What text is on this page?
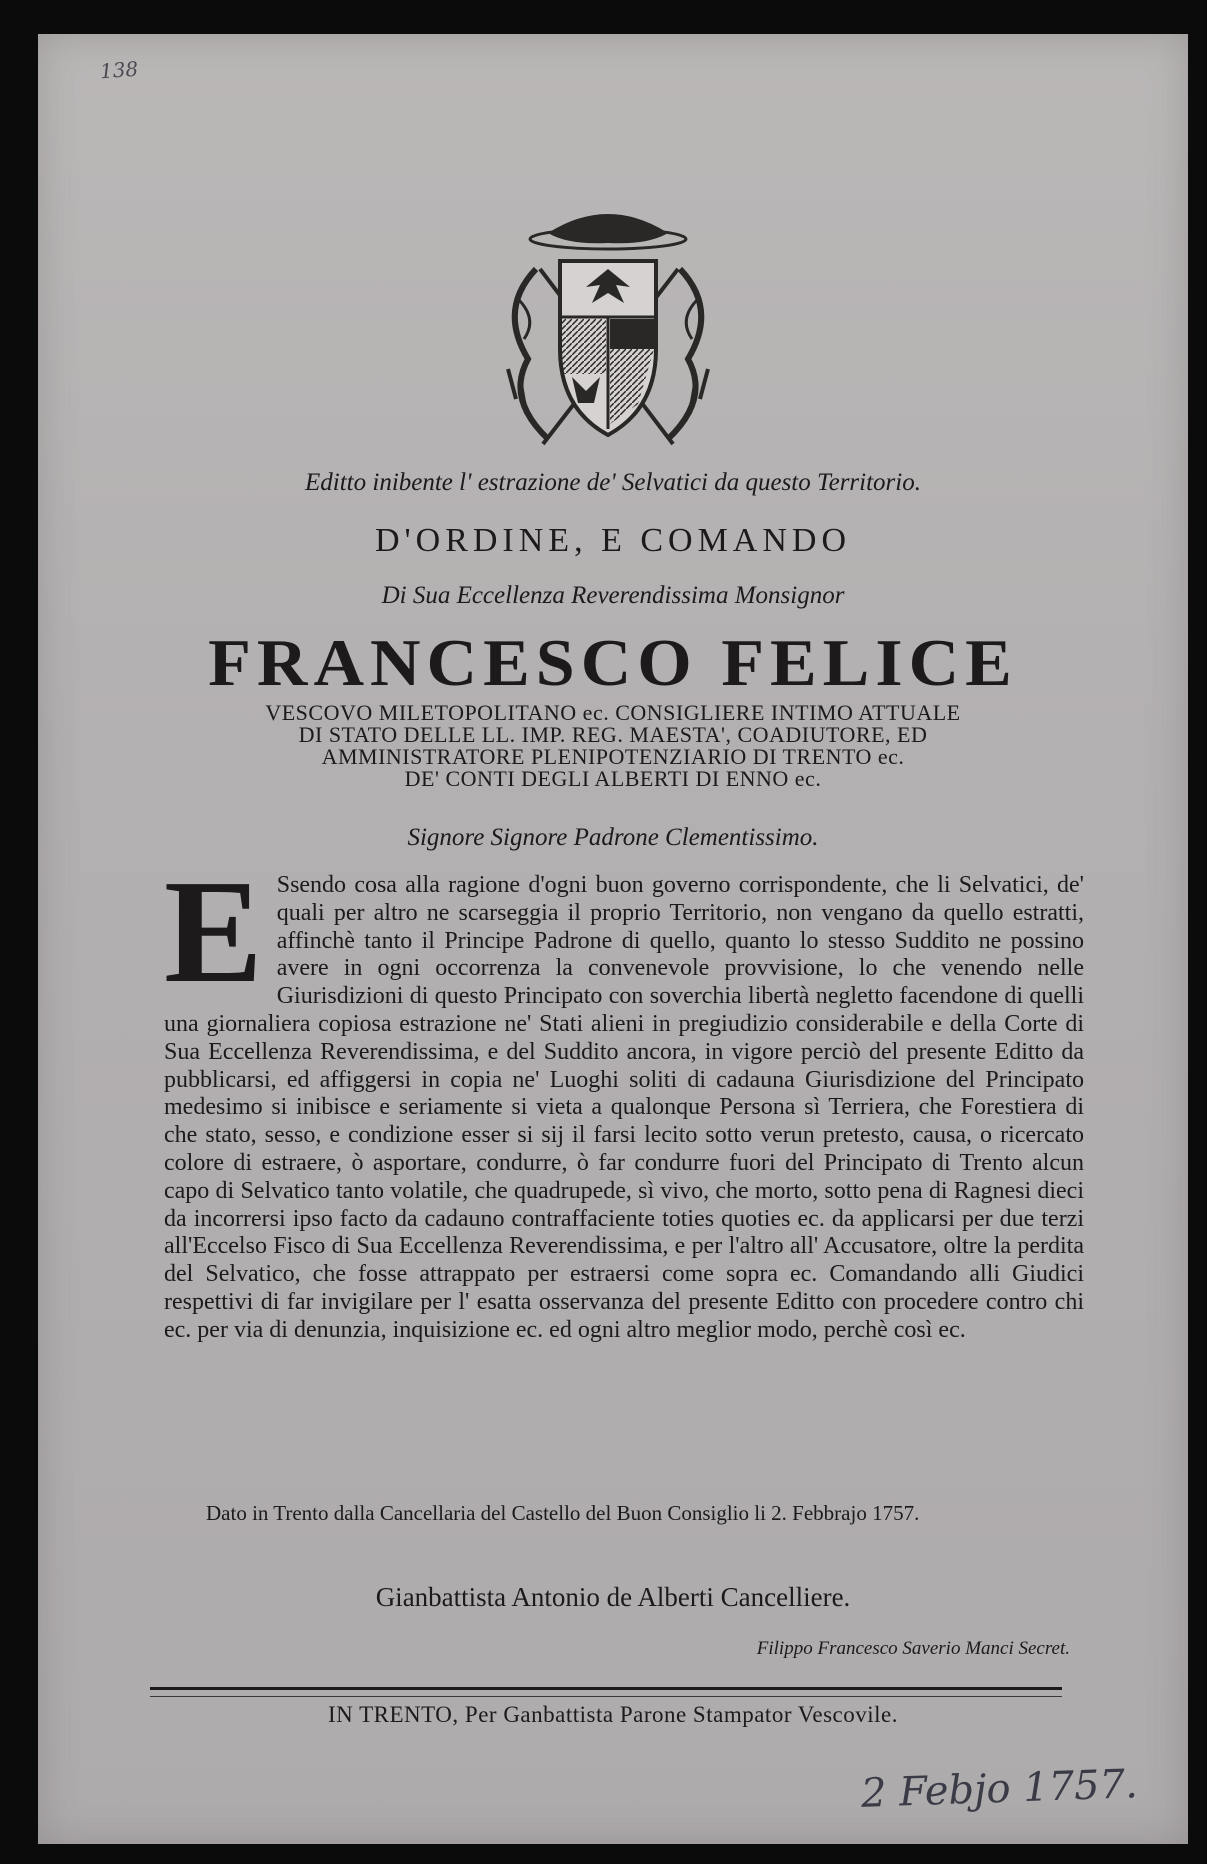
138
Editto inibente l' estrazione de' Selvatici da questo Territorio.
D'ORDINE, E COMANDO
Di Sua Eccellenza Reverendissima Monsignor
FRANCESCO FELICE
VESCOVO MILETOPOLITANO ec. CONSIGLIERE INTIMO ATTUALE
DI STATO DELLE LL. IMP. REG. MAESTA', COADIUTORE, ED
AMMINISTRATORE PLENIPOTENZIARIO DI TRENTO ec.
DE' CONTI DEGLI ALBERTI DI ENNO ec.
Signore Signore Padrone Clementissimo.
E Ssendo cosa alla ragione d'ogni buon governo corrispondente, che li Selvatici, de' quali per altro ne scarseggia il proprio Territorio, non vengano da quello estratti, affinchè tanto il Principe Padrone di quello, quanto lo stesso Suddito ne possino avere in ogni occorrenza la convenevole provvisione, lo che venendo nelle Giurisdizioni di questo Principato con soverchia libertà negletto facendone di quelli una giornaliera copiosa estrazione ne' Stati alieni in pregiudizio considerabile e della Corte di Sua Eccellenza Reverendissima, e del Suddito ancora, in vigore perciò del presente Editto da pubblicarsi, ed affiggersi in copia ne' Luoghi soliti di cadauna Giurisdizione del Principato medesimo si inibisce e seriamente si vieta a qualonque Persona sì Terriera, che Forestiera di che stato, sesso, e condizione esser si sij il farsi lecito sotto verun pretesto, causa, o ricercato colore di estraere, ò asportare, condurre, ò far condurre fuori del Principato di Trento alcun capo di Selvatico tanto volatile, che quadrupede, sì vivo, che morto, sotto pena di Ragnesi dieci da incorrersi ipso facto da cadauno contraffaciente toties quoties ec. da applicarsi per due terzi all'Eccelso Fisco di Sua Eccellenza Reverendissima, e per l'altro all' Accusatore, oltre la perdita del Selvatico, che fosse attrappato per estraersi come sopra ec. Comandando alli Giudici respettivi di far invigilare per l' esatta osservanza del presente Editto con procedere contro chi ec. per via di denunzia, inquisizione ec. ed ogni altro meglior modo, perchè così ec.
Dato in Trento dalla Cancellaria del Castello del Buon Consiglio li 2. Febbrajo 1757.
Gianbattista Antonio de Alberti Cancelliere.
Filippo Francesco Saverio Manci Secret.
IN TRENTO, Per Ganbattista Parone Stampator Vescovile.
2 Febjo 1757.
